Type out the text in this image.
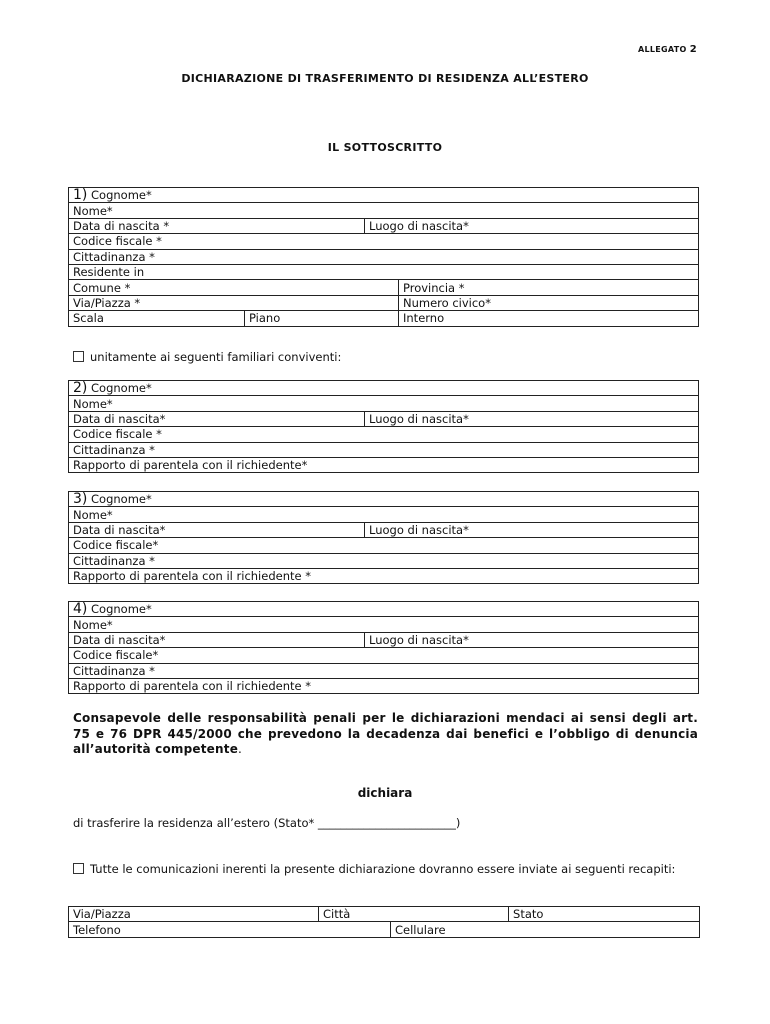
ALLEGATO 2
DICHIARAZIONE DI TRASFERIMENTO DI RESIDENZA ALL’ESTERO
IL SOTTOSCRITTO
1) Cognome*			
Nome*			
Data di nascita *		Luogo di nascita*	
Codice fiscale *			
Cittadinanza *			
Residente in			
Comune *			Provincia *
Via/Piazza *			Numero civico*
Scala	Piano		Interno
unitamente ai seguenti familiari conviventi:
2) Cognome*
Nome*
Data di nascita*	Luogo di nascita*
Codice fiscale *
Cittadinanza *
Rapporto di parentela con il richiedente*
3) Cognome*
Nome*
Data di nascita*	Luogo di nascita*
Codice fiscale*
Cittadinanza *
Rapporto di parentela con il richiedente *
4) Cognome*
Nome*
Data di nascita*	Luogo di nascita*
Codice fiscale*
Cittadinanza *
Rapporto di parentela con il richiedente *
Consapevole delle responsabilità penali per le dichiarazioni mendaci ai sensi degli art. 75 e 76 DPR 445/2000 che prevedono la decadenza dai benefici e l’obbligo di denuncia all’autorità competente.
dichiara
di trasferire la residenza all’estero (Stato* ________________________)
Tutte le comunicazioni inerenti la presente dichiarazione dovranno essere inviate ai seguenti recapiti:
Via/Piazza	Città		Stato
Telefono		Cellulare	
